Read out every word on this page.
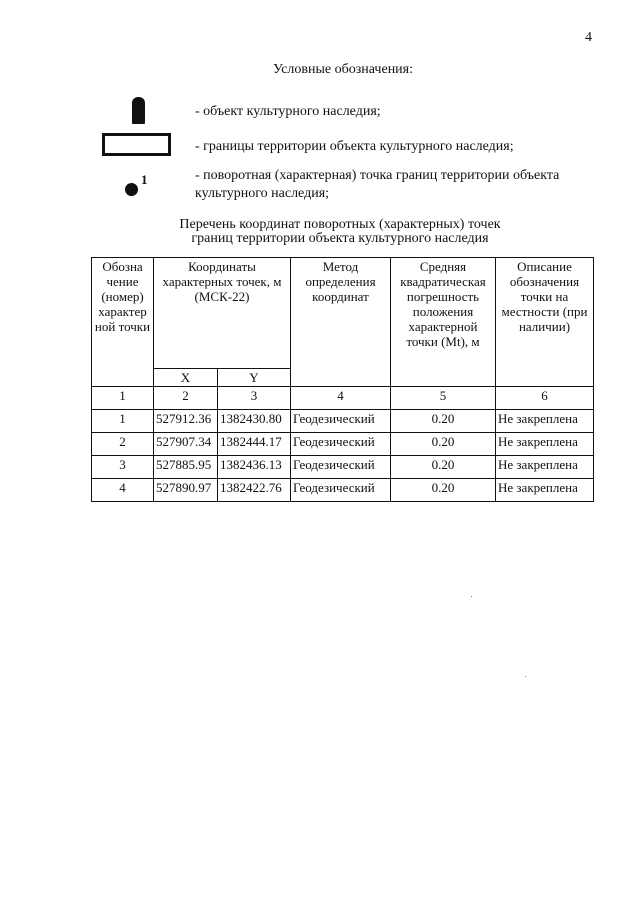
4
Условные обозначения:
- объект культурного наследия;
- границы территории объекта культурного наследия;
1	- поворотная (характерная) точка границ территории объекта культурного наследия;
Перечень координат поворотных (характерных) точек
границ территории объекта культурного наследия
Обозна чение (номер) характер ной точки	Координаты характерных точек, м (МСК-22)		Метод определения координат	Средняя квадратическая погрешность положения характерной точки (Mt), м	Описание обозначения точки на местности (при наличии)
	X	Y			
1	2	3	4	5	6
1	527912.36	1382430.80	Геодезический	0.20	Не закреплена
2	527907.34	1382444.17	Геодезический	0.20	Не закреплена
3	527885.95	1382436.13	Геодезический	0.20	Не закреплена
4	527890.97	1382422.76	Геодезический	0.20	Не закреплена
